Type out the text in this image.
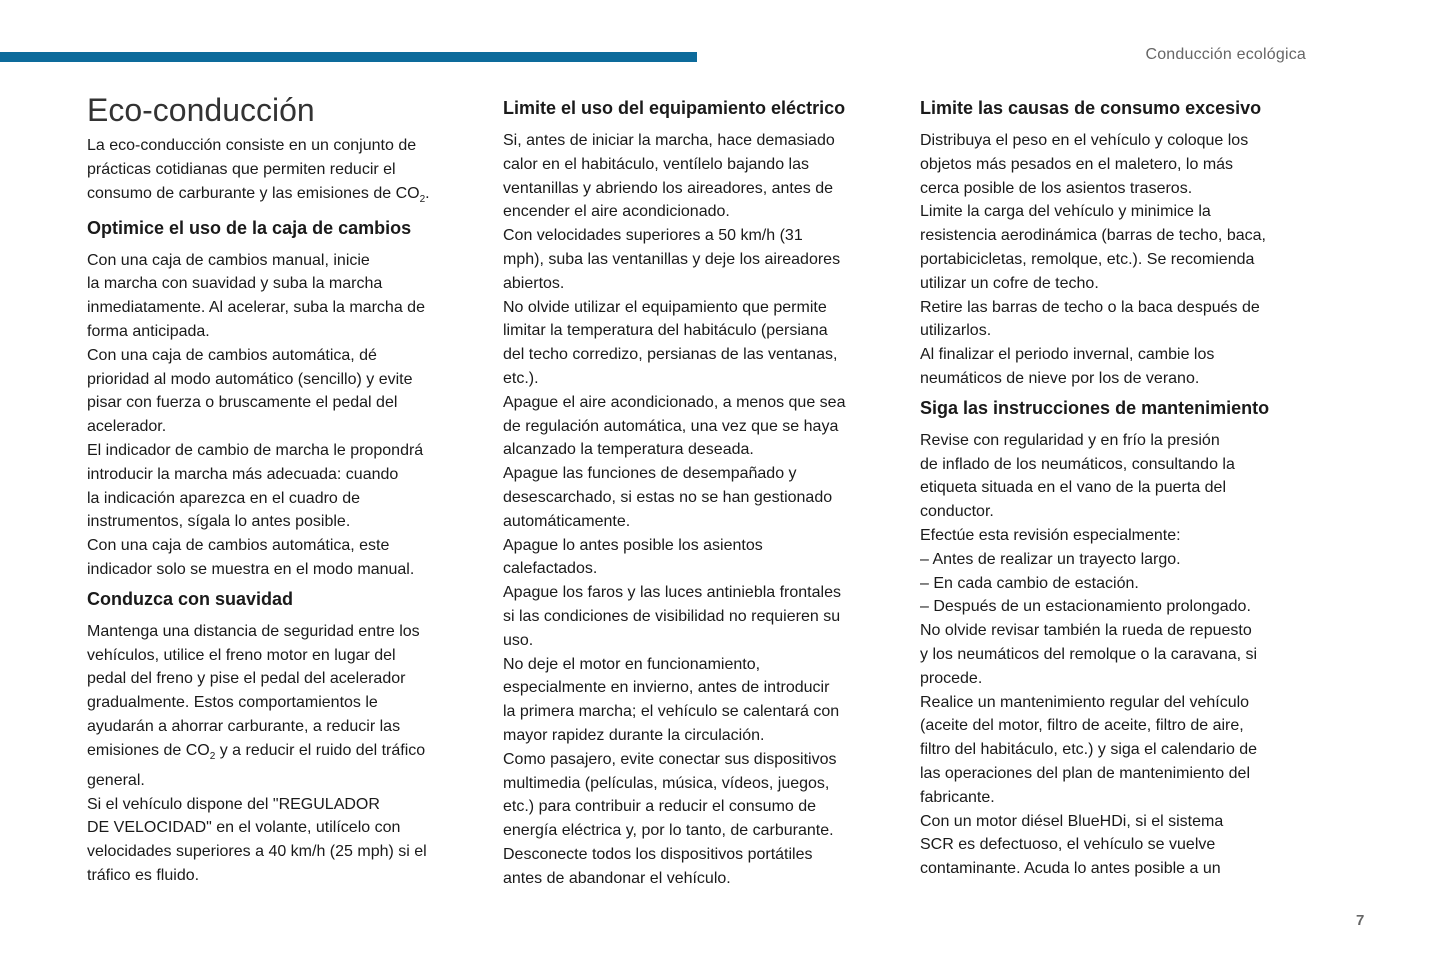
Conducción ecológica
Eco-conducción
La eco-conducción consiste en un conjunto de
prácticas cotidianas que permiten reducir el
consumo de carburante y las emisiones de $CO_2$.
Optimice el uso de la caja de cambios
Con una caja de cambios manual, inicie
la marcha con suavidad y suba la marcha
inmediatamente. Al acelerar, suba la marcha de
forma anticipada.
Con una caja de cambios automática, dé
prioridad al modo automático (sencillo) y evite
pisar con fuerza o bruscamente el pedal del
acelerador.
El indicador de cambio de marcha le propondrá
introducir la marcha más adecuada: cuando
la indicación aparezca en el cuadro de
instrumentos, sígala lo antes posible.
Con una caja de cambios automática, este
indicador solo se muestra en el modo manual.
Conduzca con suavidad
Mantenga una distancia de seguridad entre los
vehículos, utilice el freno motor en lugar del
pedal del freno y pise el pedal del acelerador
gradualmente. Estos comportamientos le
ayudarán a ahorrar carburante, a reducir las
emisiones de $CO_2$ y a reducir el ruido del tráfico
general.
Si el vehículo dispone del "REGULADOR
DE VELOCIDAD" en el volante, utilícelo con
velocidades superiores a 40 km/h (25 mph) si el
tráfico es fluido.
Limite el uso del equipamiento eléctrico
Si, antes de iniciar la marcha, hace demasiado
calor en el habitáculo, ventílelo bajando las
ventanillas y abriendo los aireadores, antes de
encender el aire acondicionado.
Con velocidades superiores a 50 km/h (31
mph), suba las ventanillas y deje los aireadores
abiertos.
No olvide utilizar el equipamiento que permite
limitar la temperatura del habitáculo (persiana
del techo corredizo, persianas de las ventanas,
etc.).
Apague el aire acondicionado, a menos que sea
de regulación automática, una vez que se haya
alcanzado la temperatura deseada.
Apague las funciones de desempañado y
desescarchado, si estas no se han gestionado
automáticamente.
Apague lo antes posible los asientos
calefactados.
Apague los faros y las luces antiniebla frontales
si las condiciones de visibilidad no requieren su
uso.
No deje el motor en funcionamiento,
especialmente en invierno, antes de introducir
la primera marcha; el vehículo se calentará con
mayor rapidez durante la circulación.
Como pasajero, evite conectar sus dispositivos
multimedia (películas, música, vídeos, juegos,
etc.) para contribuir a reducir el consumo de
energía eléctrica y, por lo tanto, de carburante.
Desconecte todos los dispositivos portátiles
antes de abandonar el vehículo.
Limite las causas de consumo excesivo
Distribuya el peso en el vehículo y coloque los
objetos más pesados en el maletero, lo más
cerca posible de los asientos traseros.
Limite la carga del vehículo y minimice la
resistencia aerodinámica (barras de techo, baca,
portabicicletas, remolque, etc.). Se recomienda
utilizar un cofre de techo.
Retire las barras de techo o la baca después de
utilizarlos.
Al finalizar el periodo invernal, cambie los
neumáticos de nieve por los de verano.
Siga las instrucciones de mantenimiento
Revise con regularidad y en frío la presión
de inflado de los neumáticos, consultando la
etiqueta situada en el vano de la puerta del
conductor.
Efectúe esta revisión especialmente:
– Antes de realizar un trayecto largo.
– En cada cambio de estación.
– Después de un estacionamiento prolongado.
No olvide revisar también la rueda de repuesto
y los neumáticos del remolque o la caravana, si
procede.
Realice un mantenimiento regular del vehículo
(aceite del motor, filtro de aceite, filtro de aire,
filtro del habitáculo, etc.) y siga el calendario de
las operaciones del plan de mantenimiento del
fabricante.
Con un motor diésel BlueHDi, si el sistema
SCR es defectuoso, el vehículo se vuelve
contaminante. Acuda lo antes posible a un
7
